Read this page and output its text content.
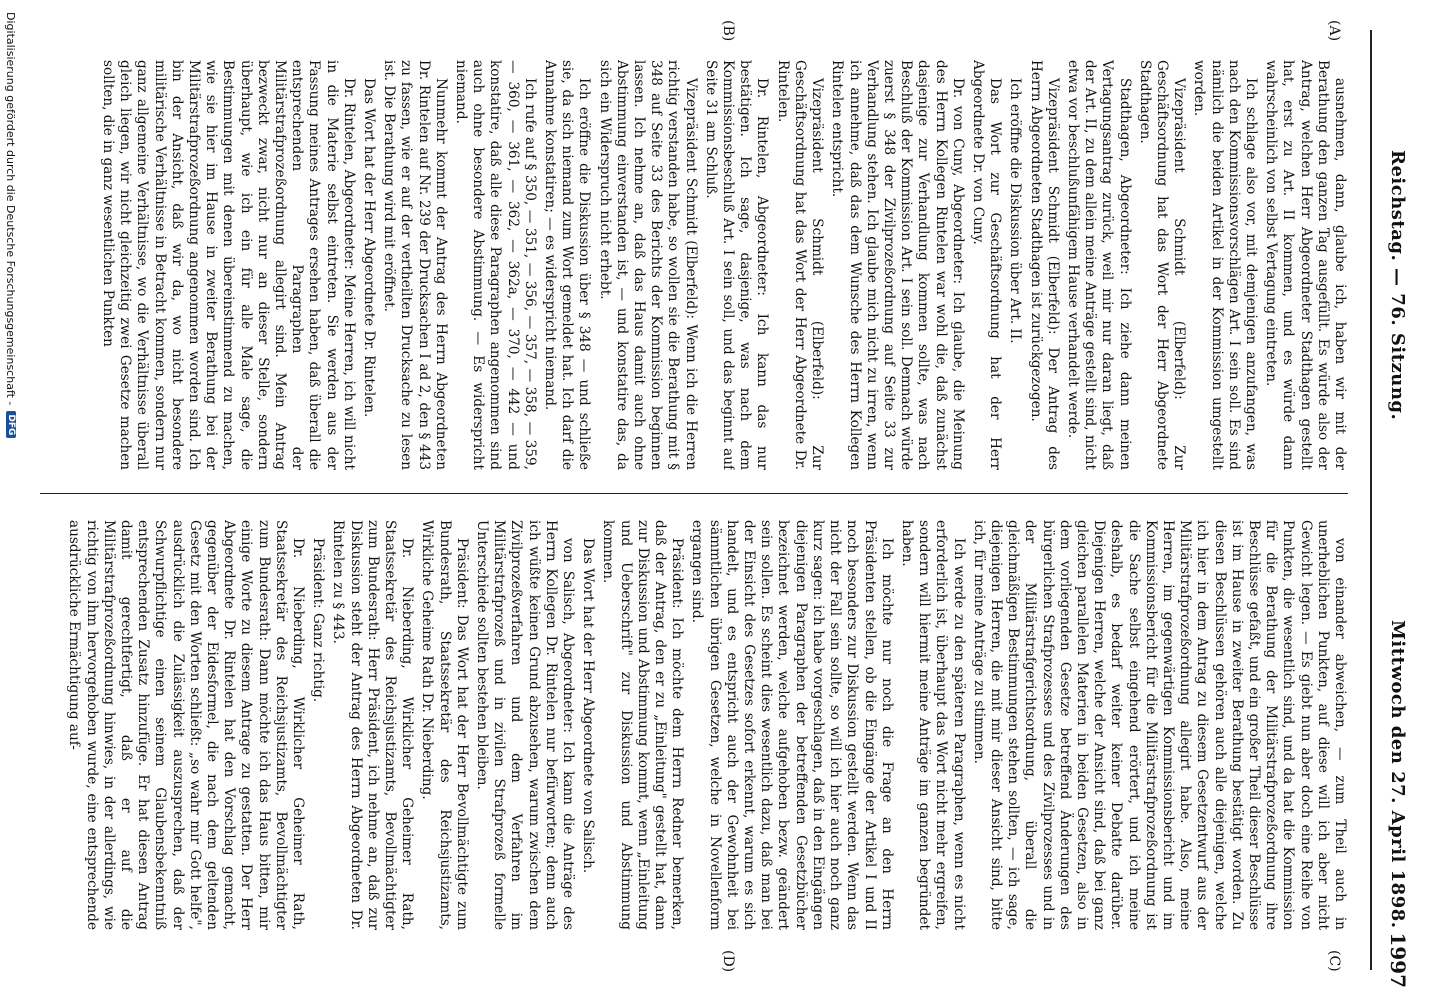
Reichstag. — 76. Sitzung.
Mittwoch den 27. April 1898.
1997
(A)
(B)
(C)
(D)

ausnehmen, dann, glaube ich, haben wir mit der Berathung den ganzen Tag ausgefüllt. Es würde also der Antrag, welchen Herr Abgeordneter Stadthagen gestellt hat, erst zu Art. II kommen, und es würde dann wahrscheinlich von selbst Vertagung eintreten.

Ich schlage also vor, mit demjenigen anzufangen, was nach den Kommissionsvorschlägen Art. I sein soll. Es sind nämlich die beiden Artikel in der Kommission umgestellt worden.

Vizepräsident Schmidt (Elberfeld): Zur Geschäftsordnung hat das Wort der Herr Abgeordnete Stadthagen.

Stadthagen, Abgeordneter: Ich ziehe dann meinen Vertagungsantrag zurück, weil mir nur daran liegt, daß der Art. II, zu dem allein meine Anträge gestellt sind, nicht etwa vor beschlußunfähigem Hause verhandelt werde.

Vizepräsident Schmidt (Elberfeld): Der Antrag des Herrn Abgeordneten Stadthagen ist zurückgezogen.

Ich eröffne die Diskussion über Art. II.

Das Wort zur Geschäftsordnung hat der Herr Abgeordnete Dr. von Cuny.

Dr. von Cuny, Abgeordneter: Ich glaube, die Meinung des Herrn Kollegen Rintelen war wohl die, daß zunächst dasjenige zur Verhandlung kommen sollte, was nach Beschluß der Kommission Art. I sein soll. Demnach würde zuerst § 348 der Zivilprozeßordnung auf Seite 33 zur Verhandlung stehen. Ich glaube mich nicht zu irren, wenn ich annehme, daß das dem Wunsche des Herrn Kollegen Rintelen entspricht.

Vizepräsident Schmidt (Elberfeld): Zur Geschäftsordnung hat das Wort der Herr Abgeordnete Dr. Rintelen.

Dr. Rintelen, Abgeordneter: Ich kann das nur bestätigen. Ich sage, dasjenige, was nach dem Kommissionsbeschluß Art. I sein soll, und das beginnt auf Seite 31 am Schluß.

Vizepräsident Schmidt (Elberfeld): Wenn ich die Herren richtig verstanden habe, so wollen sie die Berathung mit § 348 auf Seite 33 des Berichts der Kommission beginnen lassen. Ich nehme an, daß das Haus damit auch ohne Abstimmung einverstanden ist, — und konstatire das, da sich ein Widerspruch nicht erhebt.

Ich eröffne die Diskussion über § 348 — und schließe sie, da sich niemand zum Wort gemeldet hat. Ich darf die Annahme konstatiren; — es widerspricht niemand.

Ich rufe auf § 350, — 351, — 356, — 357, — 358, — 359, — 360, — 361, — 362, — 362a, — 370, — 442 — und konstatire, daß alle diese Paragraphen angenommen sind auch ohne besondere Abstimmung. — Es widerspricht niemand.

Nunmehr kommt der Antrag des Herrn Abgeordneten Dr. Rintelen auf Nr. 239 der Drucksachen I ad 2, den § 443 zu fassen, wie er auf der vertheilten Drucksache zu lesen ist. Die Berathung wird mit eröffnet.

Das Wort hat der Herr Abgeordnete Dr. Rintelen.

Dr. Rintelen, Abgeordneter: Meine Herren, ich will nicht in die Materie selbst eintreten. Sie werden aus der Fassung meines Antrages ersehen haben, daß überall die entsprechenden Paragraphen der Militärstrafprozeßordnung allegirt sind. Mein Antrag bezweckt zwar, nicht nur an dieser Stelle, sondern überhaupt, wie ich ein für alle Male sage, die Bestimmungen mit denen übereinstimmend zu machen, wie sie hier im Hause in zweiter Berathung bei der Militärstrafprozeßordnung angenommen worden sind. Ich bin der Ansicht, daß wir da, wo nicht besondere militärische Verhältnisse in Betracht kommen, sondern nur ganz allgemeine Verhältnisse, wo die Verhältnisse überall gleich liegen, wir nicht gleichzeitig zwei Gesetze machen sollten, die in ganz wesentlichen Punkten

von einander abweichen, — zum Theil auch in unerheblichen Punkten, auf diese will ich aber nicht Gewicht legen. — Es giebt nun aber doch eine Reihe von Punkten, die wesentlich sind, und da hat die Kommission für die Berathung der Militärstrafprozeßordnung ihre Beschlüsse gefaßt, und ein großer Theil dieser Beschlüsse ist im Hause in zweiter Berathung bestätigt worden. Zu diesen Beschlüssen gehören auch alle diejenigen, welche ich hier in dem Antrag zu diesem Gesetzentwurf aus der Militärstrafprozeßordnung allegirt habe. Also, meine Herren, im gegenwärtigen Kommissionsbericht und im Kommissionsbericht für die Militärstrafprozeßordnung ist die Sache selbst eingehend erörtert, und ich meine deshalb, es bedarf weiter keiner Debatte darüber. Diejenigen Herren, welche der Ansicht sind, daß bei ganz gleichen parallelen Materien in beiden Gesetzen, also in dem vorliegenden Gesetze betreffend Änderungen des bürgerlichen Strafprozesses und des Zivilprozesses und in der Militärstrafgerichtsordnung, überall die gleichmäßigen Bestimmungen stehen sollten, — ich sage, diejenigen Herren, die mit mir dieser Ansicht sind, bitte ich, für meine Anträge zu stimmen.

Ich werde zu den späteren Paragraphen, wenn es nicht erforderlich ist, überhaupt das Wort nicht mehr ergreifen, sondern will hiermit meine Anträge im ganzen begründet haben.

Ich möchte nur noch die Frage an den Herrn Präsidenten stellen, ob die Eingänge der Artikel I und II noch besonders zur Diskussion gestellt werden. Wenn das nicht der Fall sein sollte, so will ich hier auch noch ganz kurz sagen: ich habe vorgeschlagen, daß in den Eingängen diejenigen Paragraphen der betreffenden Gesetzbücher bezeichnet werden, welche aufgehoben bezw. geändert sein sollen. Es scheint dies wesentlich dazu, daß man bei der Einsicht des Gesetzes sofort erkennt, warum es sich handelt, und es entspricht auch der Gewohnheit bei sämmtlichen übrigen Gesetzen, welche in Novellenform ergangen sind.

Präsident: Ich möchte dem Herrn Redner bemerken, daß der Antrag, den er zu „Einleitung" gestellt hat, dann zur Diskussion und Abstimmung kommt, wenn „Einleitung und Ueberschrift" zur Diskussion und Abstimmung kommen.

Das Wort hat der Herr Abgeordnete von Salisch.

von Salisch, Abgeordneter: Ich kann die Anträge des Herrn Kollegen Dr. Rintelen nur befürworten; denn auch ich wüßte keinen Grund abzusehen, warum zwischen dem Zivilprozeßverfahren und dem Verfahren im Militärstrafprozeß und in zivilen Strafprozeß formelle Unterschiede sollten bestehen bleiben.

Präsident: Das Wort hat der Herr Bevollmächtigte zum Bundesrath, Staatssekretär des Reichsjustizamts, Wirkliche Geheime Rath Dr. Nieberding.

Dr. Nieberding, Wirklicher Geheimer Rath, Staatssekretär des Reichsjustizamts, Bevollmächtigter zum Bundesrath: Herr Präsident, ich nehme an, daß zur Diskussion steht der Antrag des Herrn Abgeordneten Dr. Rintelen zu § 443.

Präsident: Ganz richtig.

Dr. Nieberding, Wirklicher Geheimer Rath, Staatssekretär des Reichsjustizamts, Bevollmächtigter zum Bundesrath: Dann möchte ich das Haus bitten, mir einige Worte zu diesem Antrage zu gestatten. Der Herr Abgeordnete Dr. Rintelen hat den Vorschlag gemacht, gegenüber der Eidesformel, die nach dem geltenden Gesetz mit den Worten schließt: „so wahr mir Gott helfe", ausdrücklich die Zulässigkeit auszusprechen, daß der Schwurpflichtige einen seinem Glaubensbekenntniß entsprechenden Zusatz hinzufüge. Er hat diesen Antrag damit gerechtfertigt, daß er auf die Militärstrafprozeßordnung hinwies, in der allerdings, wie richtig von ihm hervorgehoben wurde, eine entsprechende ausdrückliche Ermächtigung auf-

Digitalisierung gefördert durch die Deutsche Forschungsgemeinschaft -
DFG
